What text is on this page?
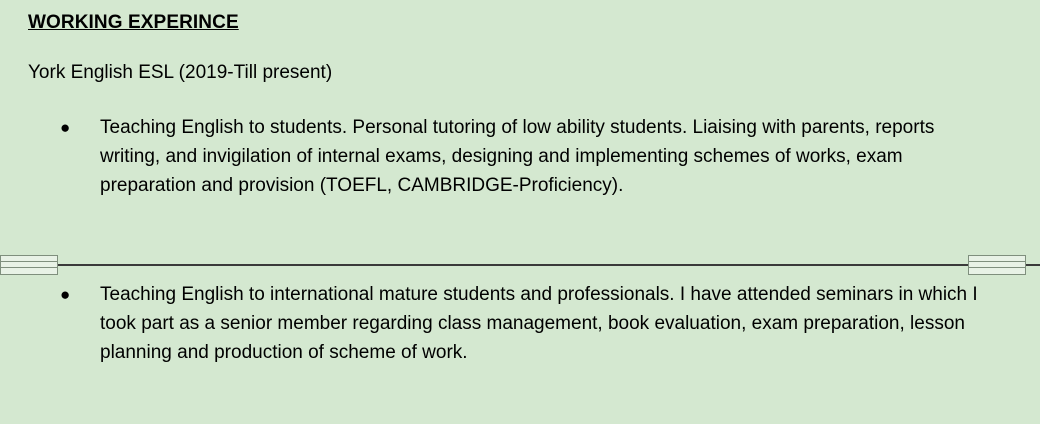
WORKING EXPERINCE
York English ESL (2019-Till present)
●	Teaching English to students. Personal tutoring of low ability students. Liaising with parents, reports writing, and invigilation of internal exams, designing and implementing schemes of works, exam preparation and provision (TOEFL, CAMBRIDGE-Proficiency).
●	Teaching English to international mature students and professionals. I have attended seminars in which I took part as a senior member regarding class management, book evaluation, exam preparation, lesson planning and production of scheme of work.
